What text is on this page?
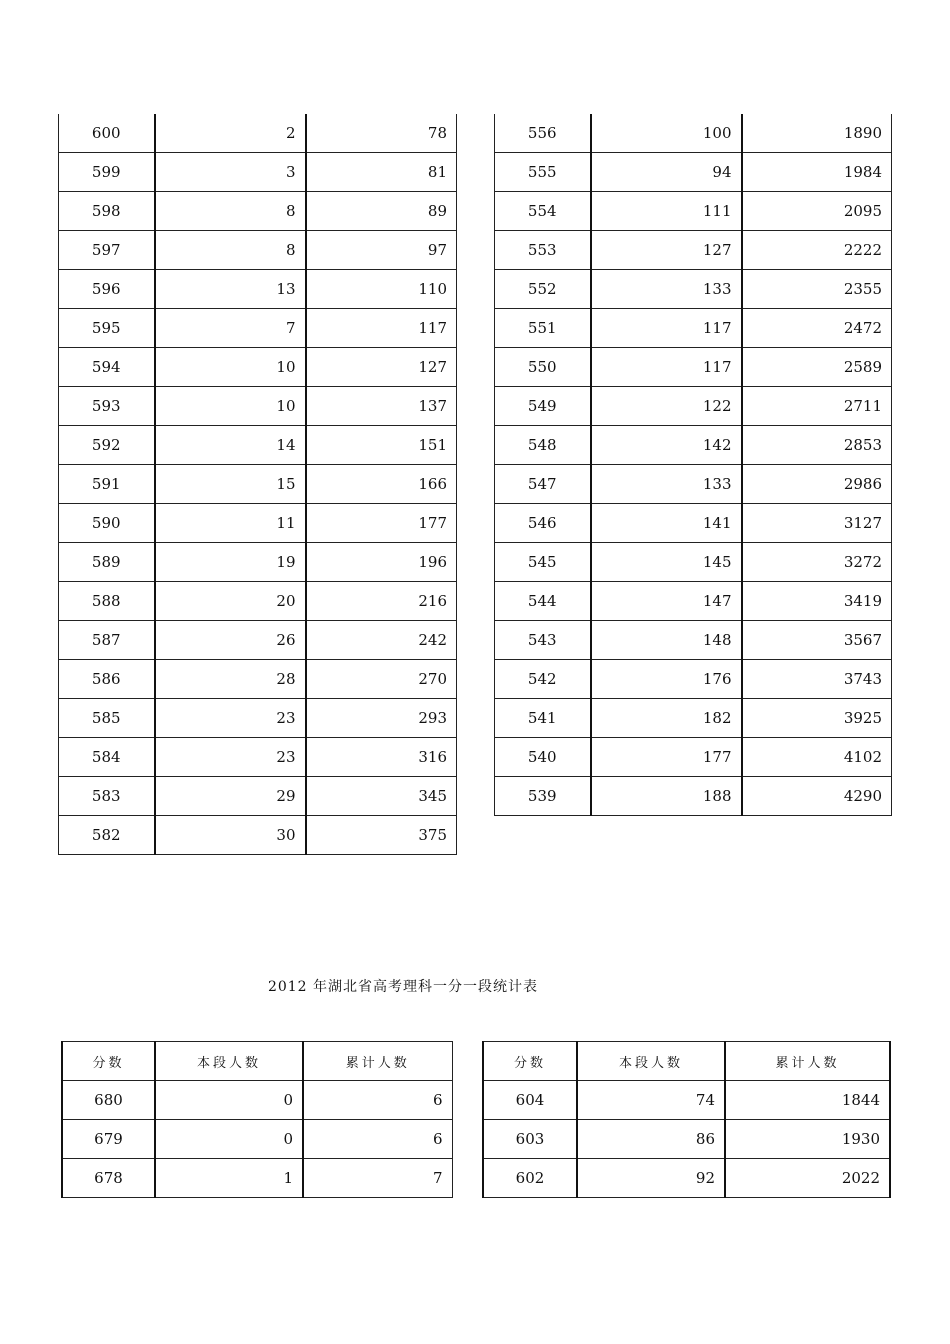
600	2	78
599	3	81
598	8	89
597	8	97
596	13	110
595	7	117
594	10	127
593	10	137
592	14	151
591	15	166
590	11	177
589	19	196
588	20	216
587	26	242
586	28	270
585	23	293
584	23	316
583	29	345
582	30	375
556	100	1890
555	94	1984
554	111	2095
553	127	2222
552	133	2355
551	117	2472
550	117	2589
549	122	2711
548	142	2853
547	133	2986
546	141	3127
545	145	3272
544	147	3419
543	148	3567
542	176	3743
541	182	3925
540	177	4102
539	188	4290
2012 年湖北省高考理科一分一段统计表
分数	本段人数	累计人数
680	0	6
679	0	6
678	1	7
分数	本段人数	累计人数
604	74	1844
603	86	1930
602	92	2022
